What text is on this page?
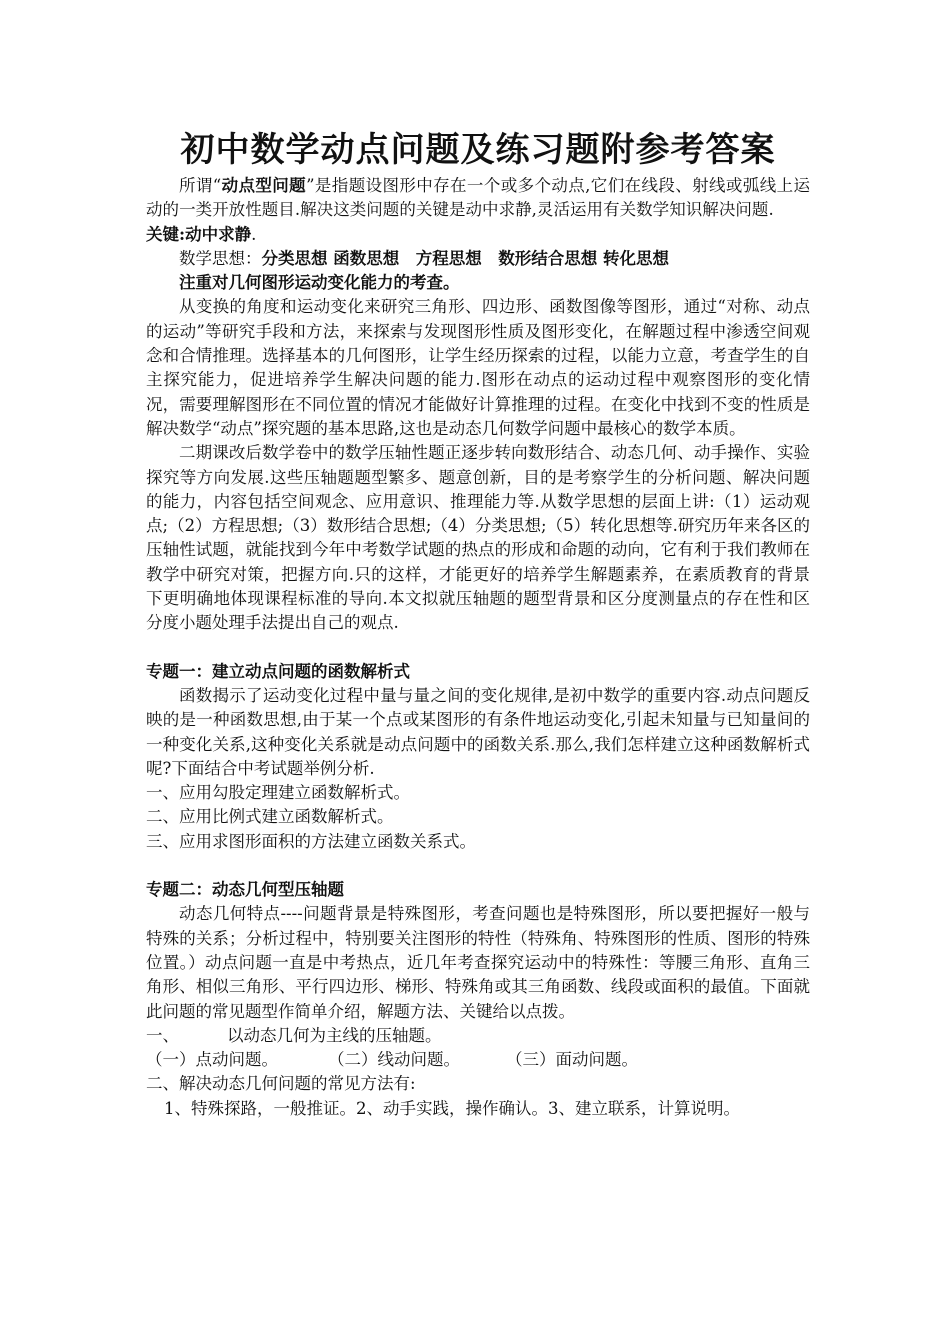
初中数学动点问题及练习题附参考答案

所谓“动点型问题”是指题设图形中存在一个或多个动点,它们在线段、射线或弧线上运动的一类开放性题目.解决这类问题的关键是动中求静,灵活运用有关数学知识解决问题.关键:动中求静.

数学思想：分类思想 函数思想　方程思想　数形结合思想 转化思想

注重对几何图形运动变化能力的考查。

从变换的角度和运动变化来研究三角形、四边形、函数图像等图形，通过“对称、动点的运动”等研究手段和方法，来探索与发现图形性质及图形变化，在解题过程中渗透空间观念和合情推理。选择基本的几何图形，让学生经历探索的过程，以能力立意，考查学生的自主探究能力，促进培养学生解决问题的能力.图形在动点的运动过程中观察图形的变化情况，需要理解图形在不同位置的情况才能做好计算推理的过程。在变化中找到不变的性质是解决数学“动点”探究题的基本思路,这也是动态几何数学问题中最核心的数学本质。

二期课改后数学卷中的数学压轴性题正逐步转向数形结合、动态几何、动手操作、实验探究等方向发展.这些压轴题题型繁多、题意创新，目的是考察学生的分析问题、解决问题的能力，内容包括空间观念、应用意识、推理能力等.从数学思想的层面上讲:（1）运动观点;（2）方程思想;（3）数形结合思想;（4）分类思想;（5）转化思想等.研究历年来各区的压轴性试题，就能找到今年中考数学试题的热点的形成和命题的动向，它有利于我们教师在教学中研究对策，把握方向.只的这样，才能更好的培养学生解题素养，在素质教育的背景下更明确地体现课程标准的导向.本文拟就压轴题的题型背景和区分度测量点的存在性和区分度小题处理手法提出自己的观点.

专题一：建立动点问题的函数解析式

函数揭示了运动变化过程中量与量之间的变化规律,是初中数学的重要内容.动点问题反映的是一种函数思想,由于某一个点或某图形的有条件地运动变化,引起未知量与已知量间的一种变化关系,这种变化关系就是动点问题中的函数关系.那么,我们怎样建立这种函数解析式呢?下面结合中考试题举例分析.

一、应用勾股定理建立函数解析式。

二、应用比例式建立函数解析式。

三、应用求图形面积的方法建立函数关系式。

专题二：动态几何型压轴题

动态几何特点----问题背景是特殊图形，考查问题也是特殊图形，所以要把握好一般与特殊的关系；分析过程中，特别要关注图形的特性（特殊角、特殊图形的性质、图形的特殊位置。）动点问题一直是中考热点，近几年考查探究运动中的特殊性：等腰三角形、直角三角形、相似三角形、平行四边形、梯形、特殊角或其三角函数、线段或面积的最值。下面就此问题的常见题型作简单介绍，解题方法、关键给以点拨。

一、	以动态几何为主线的压轴题。
（一）点动问题。	（二）线动问题。	（三）面动问题。

二、解决动态几何问题的常见方法有:

1、特殊探路，一般推证。2、动手实践，操作确认。3、建立联系，计算说明。
